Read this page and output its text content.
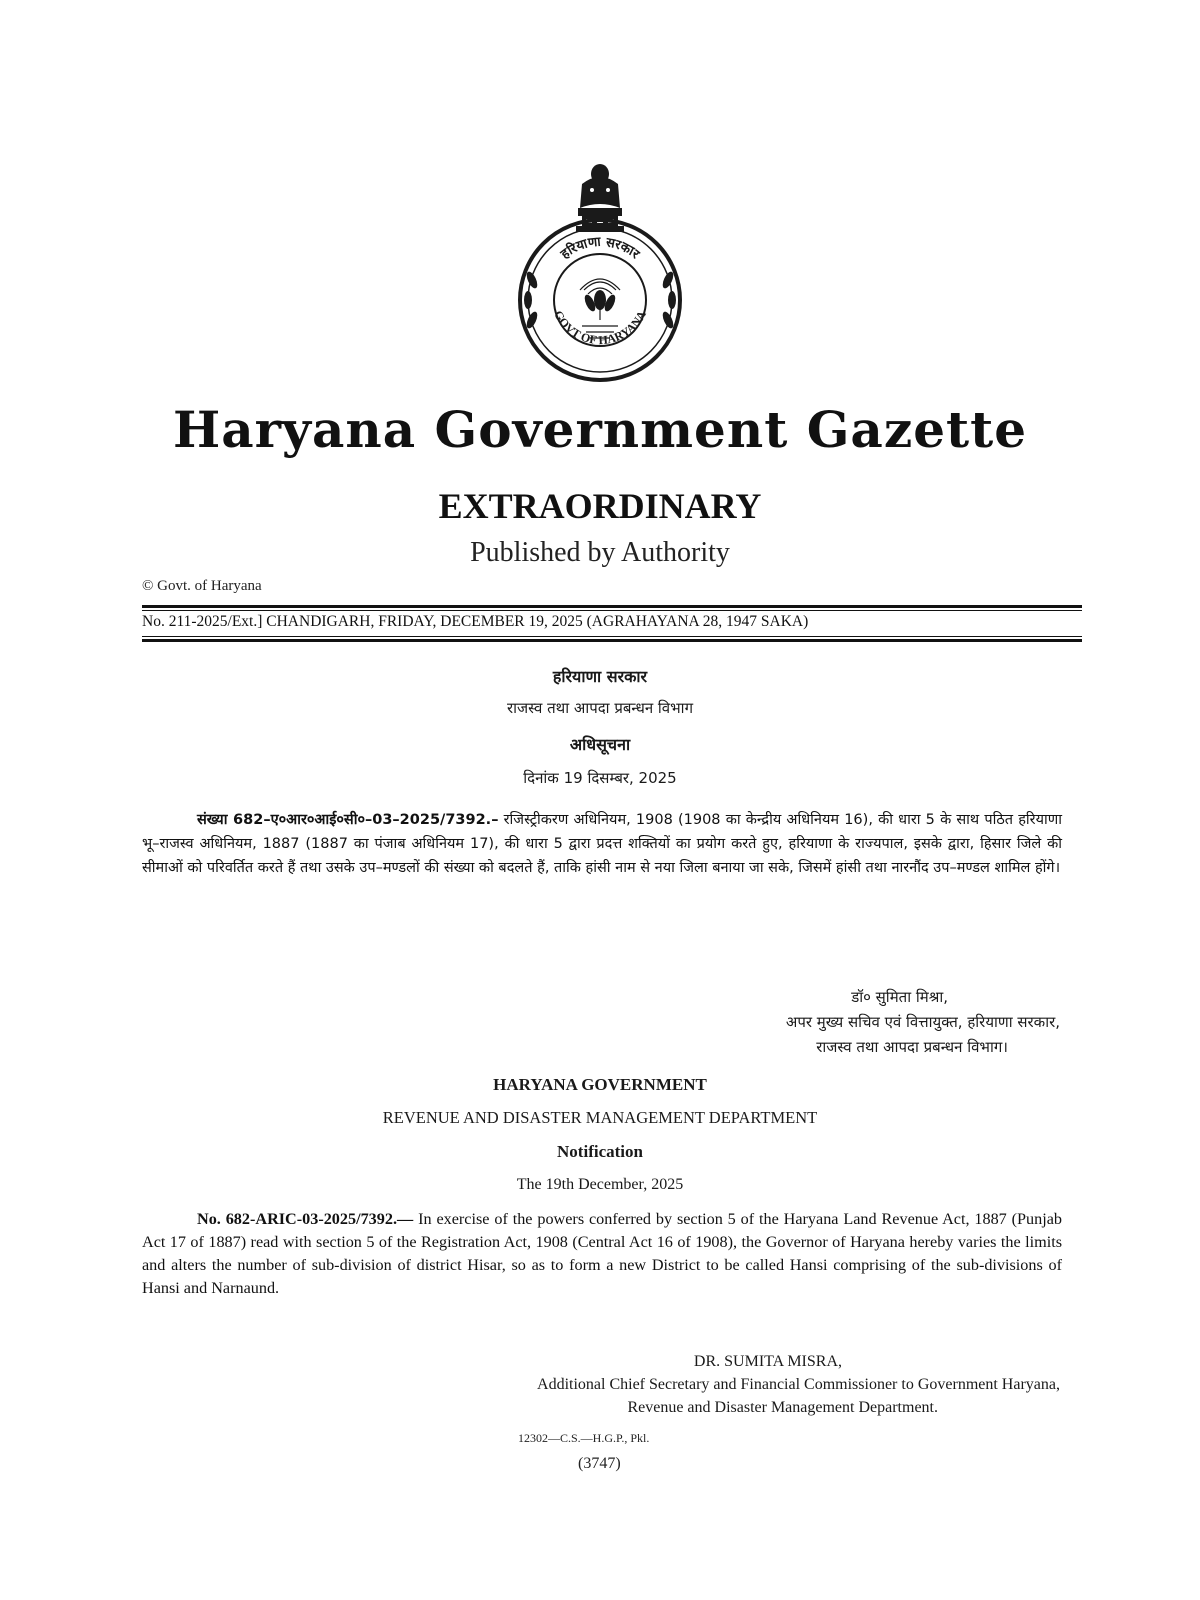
हरियाणा सरकार
GOVT OF HARYANA
Haryana Government Gazette
EXTRAORDINARY
Published by Authority
© Govt. of Haryana
No. 211-2025/Ext.] CHANDIGARH, FRIDAY, DECEMBER 19, 2025 (AGRAHAYANA 28, 1947 SAKA)
हरियाणा सरकार
राजस्व तथा आपदा प्रबन्धन विभाग
अधिसूचना
दिनांक 19 दिसम्बर, 2025
संख्या 682–ए०आर०आई०सी०–03–2025/7392.– रजिस्ट्रीकरण अधिनियम, 1908 (1908 का केन्द्रीय अधिनियम 16), की धारा 5 के साथ पठित हरियाणा भू–राजस्व अधिनियम, 1887 (1887 का पंजाब अधिनियम 17), की धारा 5 द्वारा प्रदत्त शक्तियों का प्रयोग करते हुए, हरियाणा के राज्यपाल, इसके द्वारा, हिसार जिले की सीमाओं को परिवर्तित करते हैं तथा उसके उप–मण्डलों की संख्या को बदलते हैं, ताकि हांसी नाम से नया जिला बनाया जा सके, जिसमें हांसी तथा नारनौंद उप–मण्डल शामिल होंगे।
डॉ० सुमिता मिश्रा,
अपर मुख्य सचिव एवं वित्तायुक्त, हरियाणा सरकार,
राजस्व तथा आपदा प्रबन्धन विभाग।
HARYANA GOVERNMENT
REVENUE AND DISASTER MANAGEMENT DEPARTMENT
Notification
The 19th December, 2025
No. 682-ARIC-03-2025/7392.— In exercise of the powers conferred by section 5 of the Haryana Land Revenue Act, 1887 (Punjab Act 17 of 1887) read with section 5 of the Registration Act, 1908 (Central Act 16 of 1908), the Governor of Haryana hereby varies the limits and alters the number of sub-division of district Hisar, so as to form a new District to be called Hansi comprising of the sub-divisions of Hansi and Narnaund.
DR. SUMITA MISRA,
Additional Chief Secretary and Financial Commissioner to Government Haryana,
Revenue and Disaster Management Department.
12302—C.S.—H.G.P., Pkl.
(3747)
